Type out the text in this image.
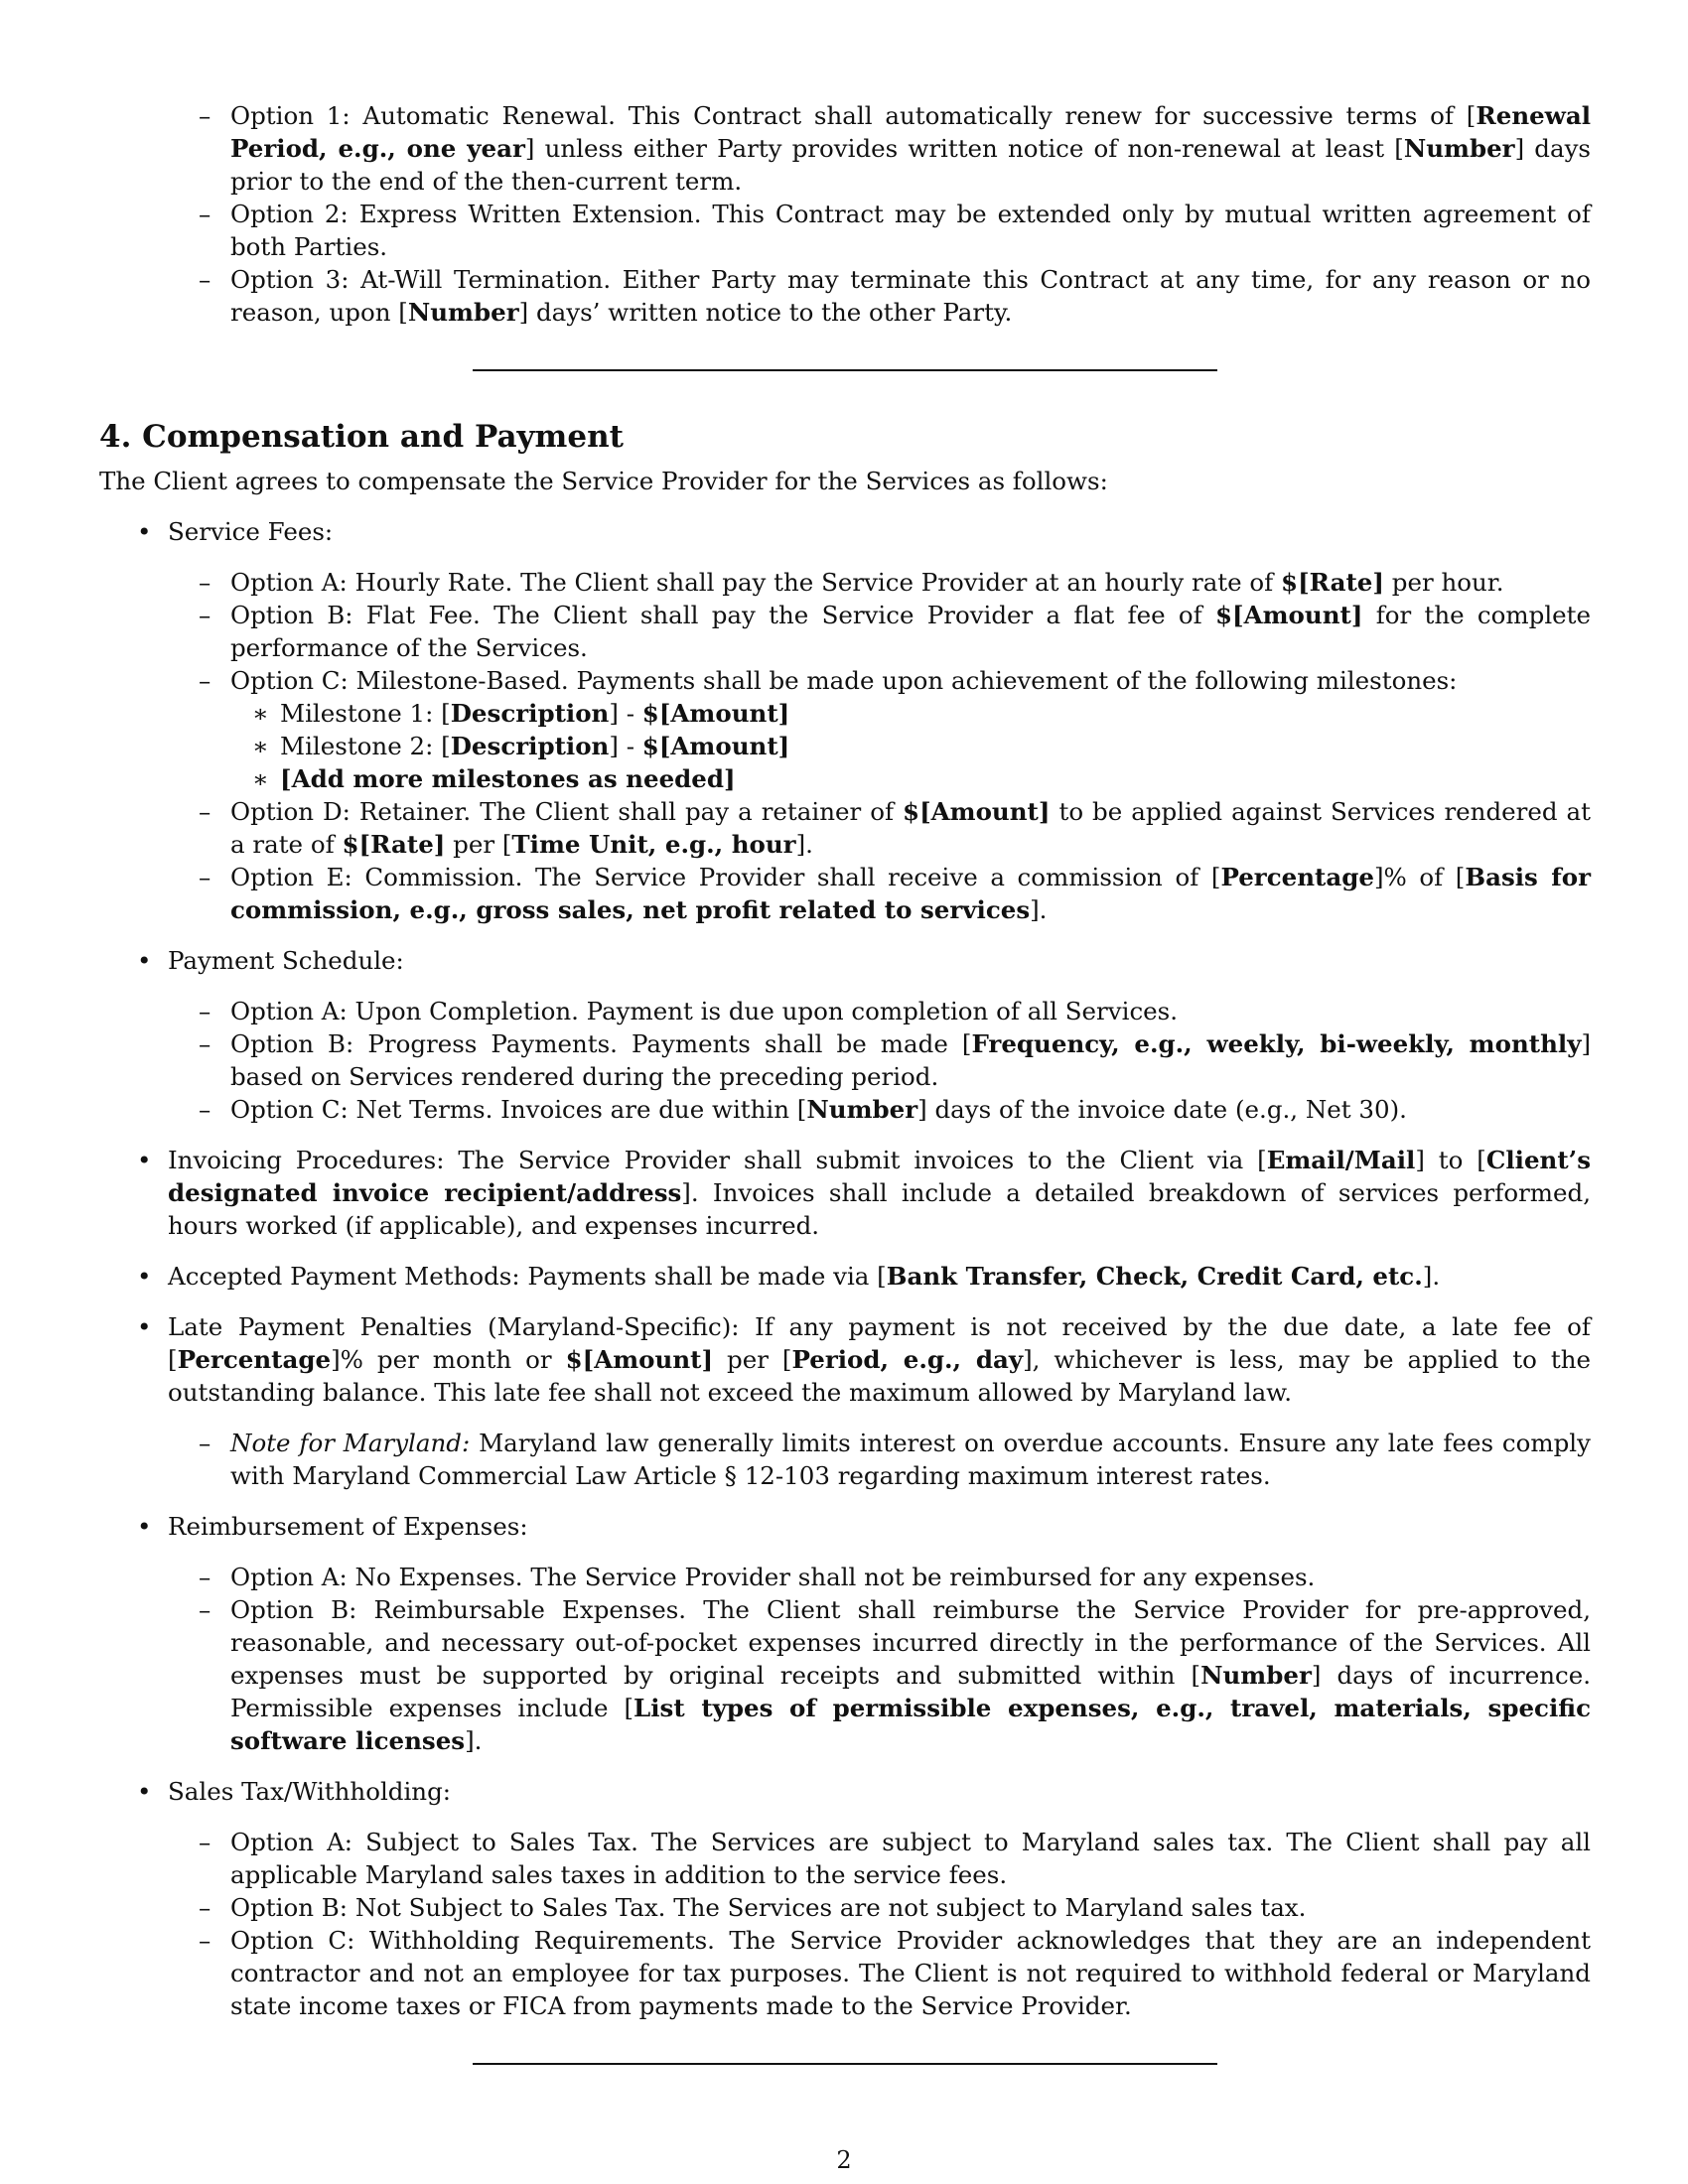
– Option 1: Automatic Renewal. This Contract shall automatically renew for successive terms of [Renewal Period, e.g., one year] unless either Party provides written notice of non-renewal at least [Number] days prior to the end of the then-current term.
– Option 2: Express Written Extension. This Contract may be extended only by mutual written agreement of both Parties.
– Option 3: At-Will Termination. Either Party may terminate this Contract at any time, for any reason or no reason, upon [Number] days’ written notice to the other Party.
4. Compensation and Payment

The Client agrees to compensate the Service Provider for the Services as follows:

• Service Fees:
– Option A: Hourly Rate. The Client shall pay the Service Provider at an hourly rate of $[Rate] per hour.
– Option B: Flat Fee. The Client shall pay the Service Provider a flat fee of $[Amount] for the complete performance of the Services.
– Option C: Milestone-Based. Payments shall be made upon achievement of the following milestones:
∗ Milestone 1: [Description] - $[Amount]
∗ Milestone 2: [Description] - $[Amount]
∗ [Add more milestones as needed]
– Option D: Retainer. The Client shall pay a retainer of $[Amount] to be applied against Services rendered at a rate of $[Rate] per [Time Unit, e.g., hour].
– Option E: Commission. The Service Provider shall receive a commission of [Percentage]% of [Basis for commission, e.g., gross sales, net profit related to services].
• Payment Schedule:
– Option A: Upon Completion. Payment is due upon completion of all Services.
– Option B: Progress Payments. Payments shall be made [Frequency, e.g., weekly, bi-weekly, monthly] based on Services rendered during the preceding period.
– Option C: Net Terms. Invoices are due within [Number] days of the invoice date (e.g., Net 30).
• Invoicing Procedures: The Service Provider shall submit invoices to the Client via [Email/Mail] to [Client’s designated invoice recipient/address]. Invoices shall include a detailed breakdown of services performed, hours worked (if applicable), and expenses incurred.
• Accepted Payment Methods: Payments shall be made via [Bank Transfer, Check, Credit Card, etc.].
• Late Payment Penalties (Maryland-Specific): If any payment is not received by the due date, a late fee of [Percentage]% per month or $[Amount] per [Period, e.g., day], whichever is less, may be applied to the outstanding balance. This late fee shall not exceed the maximum allowed by Maryland law.
– Note for Maryland: Maryland law generally limits interest on overdue accounts. Ensure any late fees comply with Maryland Commercial Law Article § 12-103 regarding maximum interest rates.
• Reimbursement of Expenses:
– Option A: No Expenses. The Service Provider shall not be reimbursed for any expenses.
– Option B: Reimbursable Expenses. The Client shall reimburse the Service Provider for pre-approved, reasonable, and necessary out-of-pocket expenses incurred directly in the performance of the Services. All expenses must be supported by original receipts and submitted within [Number] days of incurrence. Permissible expenses include [List types of permissible expenses, e.g., travel, materials, specific software licenses].
• Sales Tax/Withholding:
– Option A: Subject to Sales Tax. The Services are subject to Maryland sales tax. The Client shall pay all applicable Maryland sales taxes in addition to the service fees.
– Option B: Not Subject to Sales Tax. The Services are not subject to Maryland sales tax.
– Option C: Withholding Requirements. The Service Provider acknowledges that they are an independent contractor and not an employee for tax purposes. The Client is not required to withhold federal or Maryland state income taxes or FICA from payments made to the Service Provider.
2
